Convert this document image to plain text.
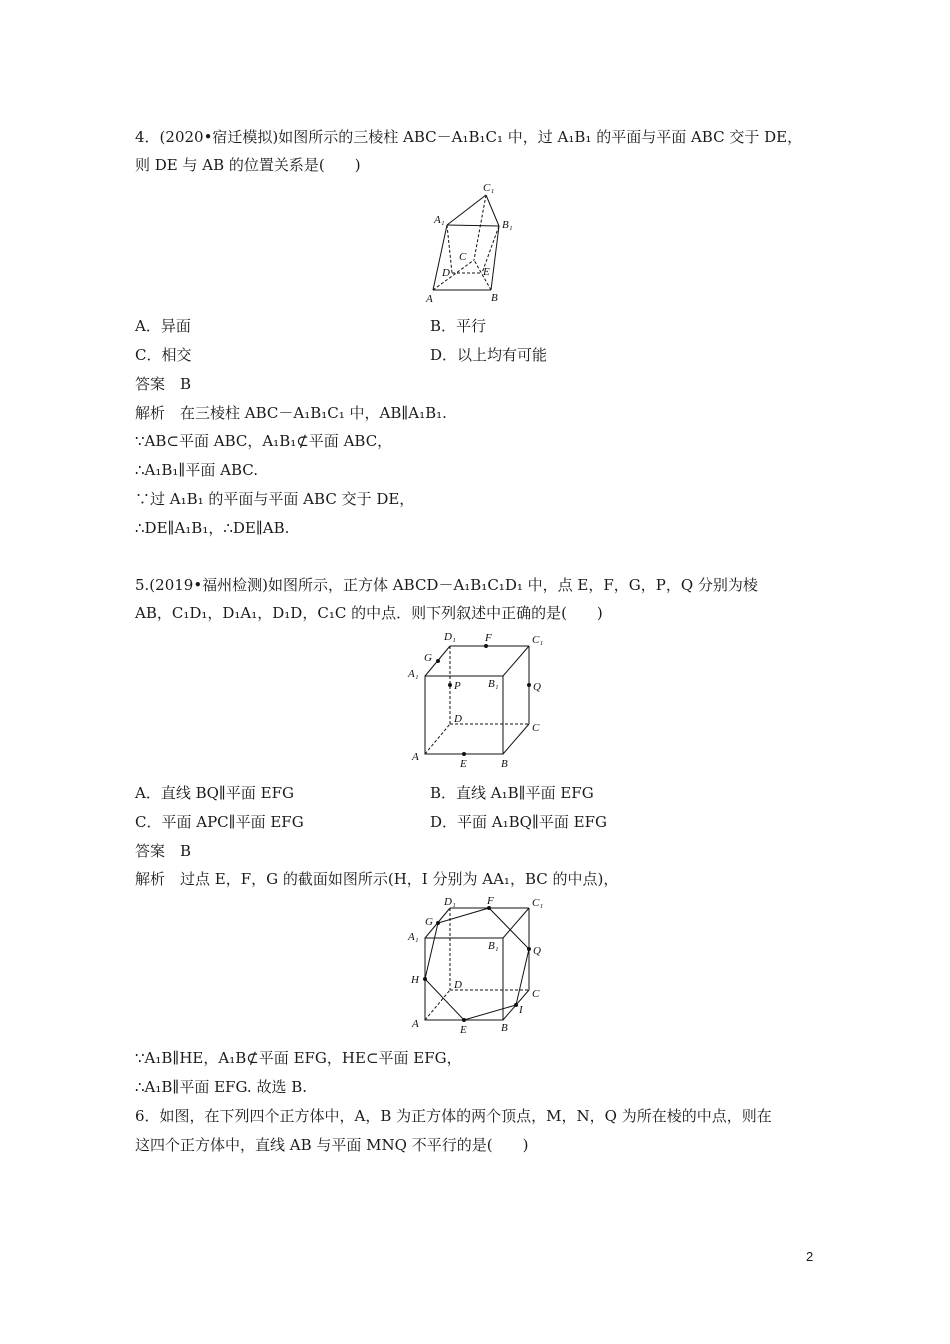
4．(2020•宿迁模拟)如图所示的三棱柱 ABC－A₁B₁C₁ 中，过 A₁B₁ 的平面与平面 ABC 交于 DE，
则 DE 与 AB 的位置关系是(　　)
C₁
A₁	B₁
C
D	E
A	B
A．异面	B．平行
C．相交	D．以上均有可能
答案　B
解析　在三棱柱 ABC－A₁B₁C₁ 中，AB∥A₁B₁.
∵AB⊂平面 ABC，A₁B₁⊄平面 ABC，
∴A₁B₁∥平面 ABC.
∵过 A₁B₁ 的平面与平面 ABC 交于 DE，
∴DE∥A₁B₁，∴DE∥AB.
5.(2019•福州检测)如图所示，正方体 ABCD－A₁B₁C₁D₁ 中，点 E，F，G，P，Q 分别为棱
AB，C₁D₁，D₁A₁，D₁D，C₁C 的中点．则下列叙述中正确的是(　　)
D₁	F	C₁
G
A₁
P B₁	Q
D
C
A
E	B
A．直线 BQ∥平面 EFG	B．直线 A₁B∥平面 EFG
C．平面 APC∥平面 EFG	D．平面 A₁BQ∥平面 EFG
答案　B
解析　过点 E，F，G 的截面如图所示(H，I 分别为 AA₁，BC 的中点)，
D₁	F	C₁
G
A₁
B₁	Q
H	D
C
I
A	E	B
∵A₁B∥HE，A₁B⊄平面 EFG，HE⊂平面 EFG，
∴A₁B∥平面 EFG. 故选 B.
6．如图，在下列四个正方体中，A，B 为正方体的两个顶点，M，N，Q 为所在棱的中点，则在
这四个正方体中，直线 AB 与平面 MNQ 不平行的是(　　)
2
